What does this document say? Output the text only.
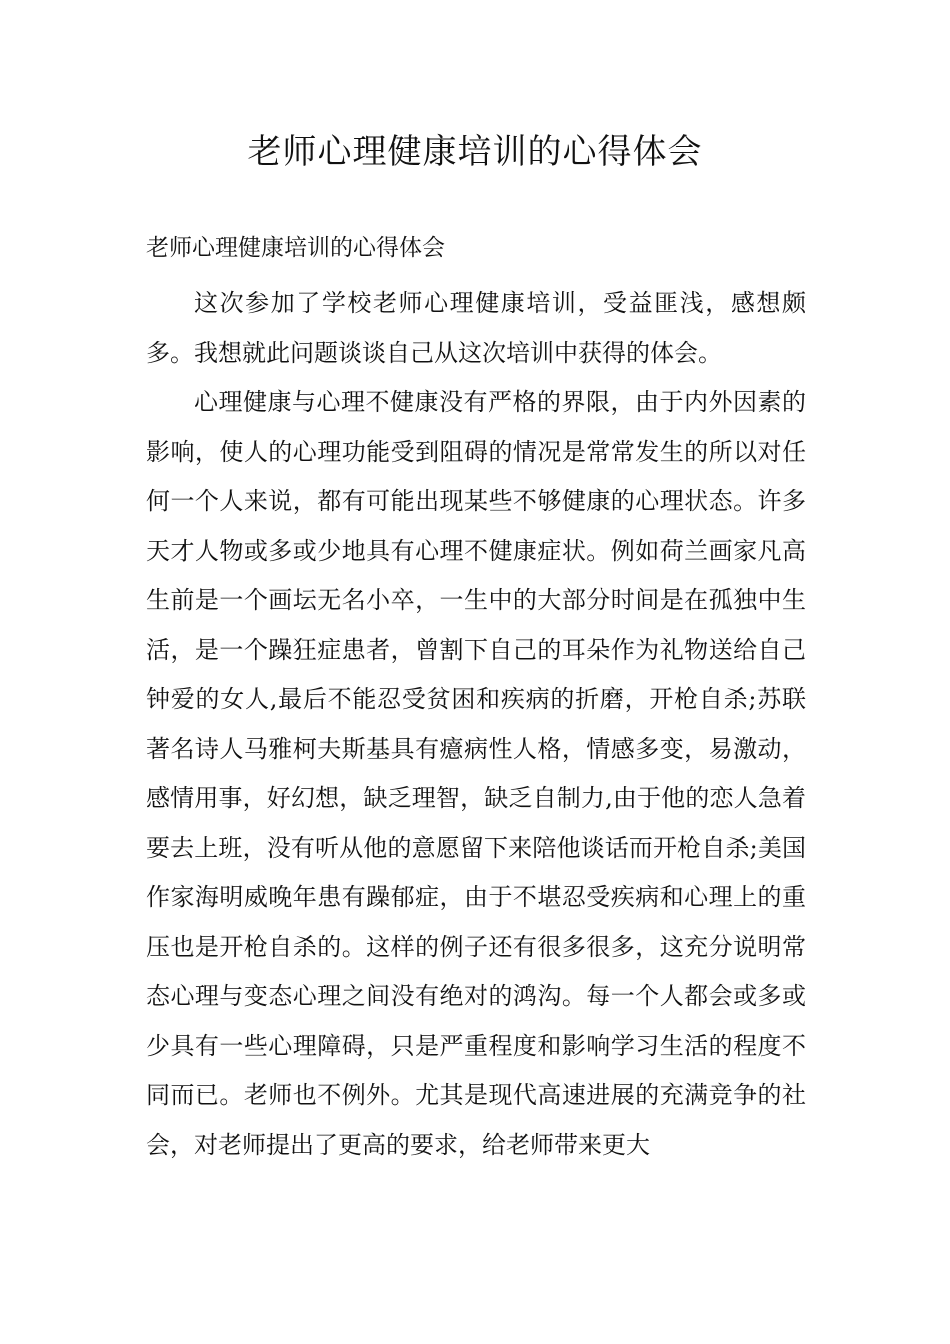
老师心理健康培训的心得体会

老师心理健康培训的心得体会

这次参加了学校老师心理健康培训，受益匪浅，感想颇多。我想就此问题谈谈自己从这次培训中获得的体会。

心理健康与心理不健康没有严格的界限，由于内外因素的影响，使人的心理功能受到阻碍的情况是常常发生的所以对任何一个人来说，都有可能出现某些不够健康的心理状态。许多天才人物或多或少地具有心理不健康症状。例如荷兰画家凡高生前是一个画坛无名小卒，一生中的大部分时间是在孤独中生活，是一个躁狂症患者，曾割下自己的耳朵作为礼物送给自己钟爱的女人,最后不能忍受贫困和疾病的折磨，开枪自杀;苏联著名诗人马雅柯夫斯基具有癔病性人格，情感多变，易激动，感情用事，好幻想，缺乏理智，缺乏自制力,由于他的恋人急着要去上班，没有听从他的意愿留下来陪他谈话而开枪自杀;美国作家海明威晚年患有躁郁症，由于不堪忍受疾病和心理上的重压也是开枪自杀的。这样的例子还有很多很多，这充分说明常态心理与变态心理之间没有绝对的鸿沟。每一个人都会或多或少具有一些心理障碍，只是严重程度和影响学习生活的程度不同而已。老师也不例外。尤其是现代高速进展的充满竞争的社会，对老师提出了更高的要求，给老师带来更大
